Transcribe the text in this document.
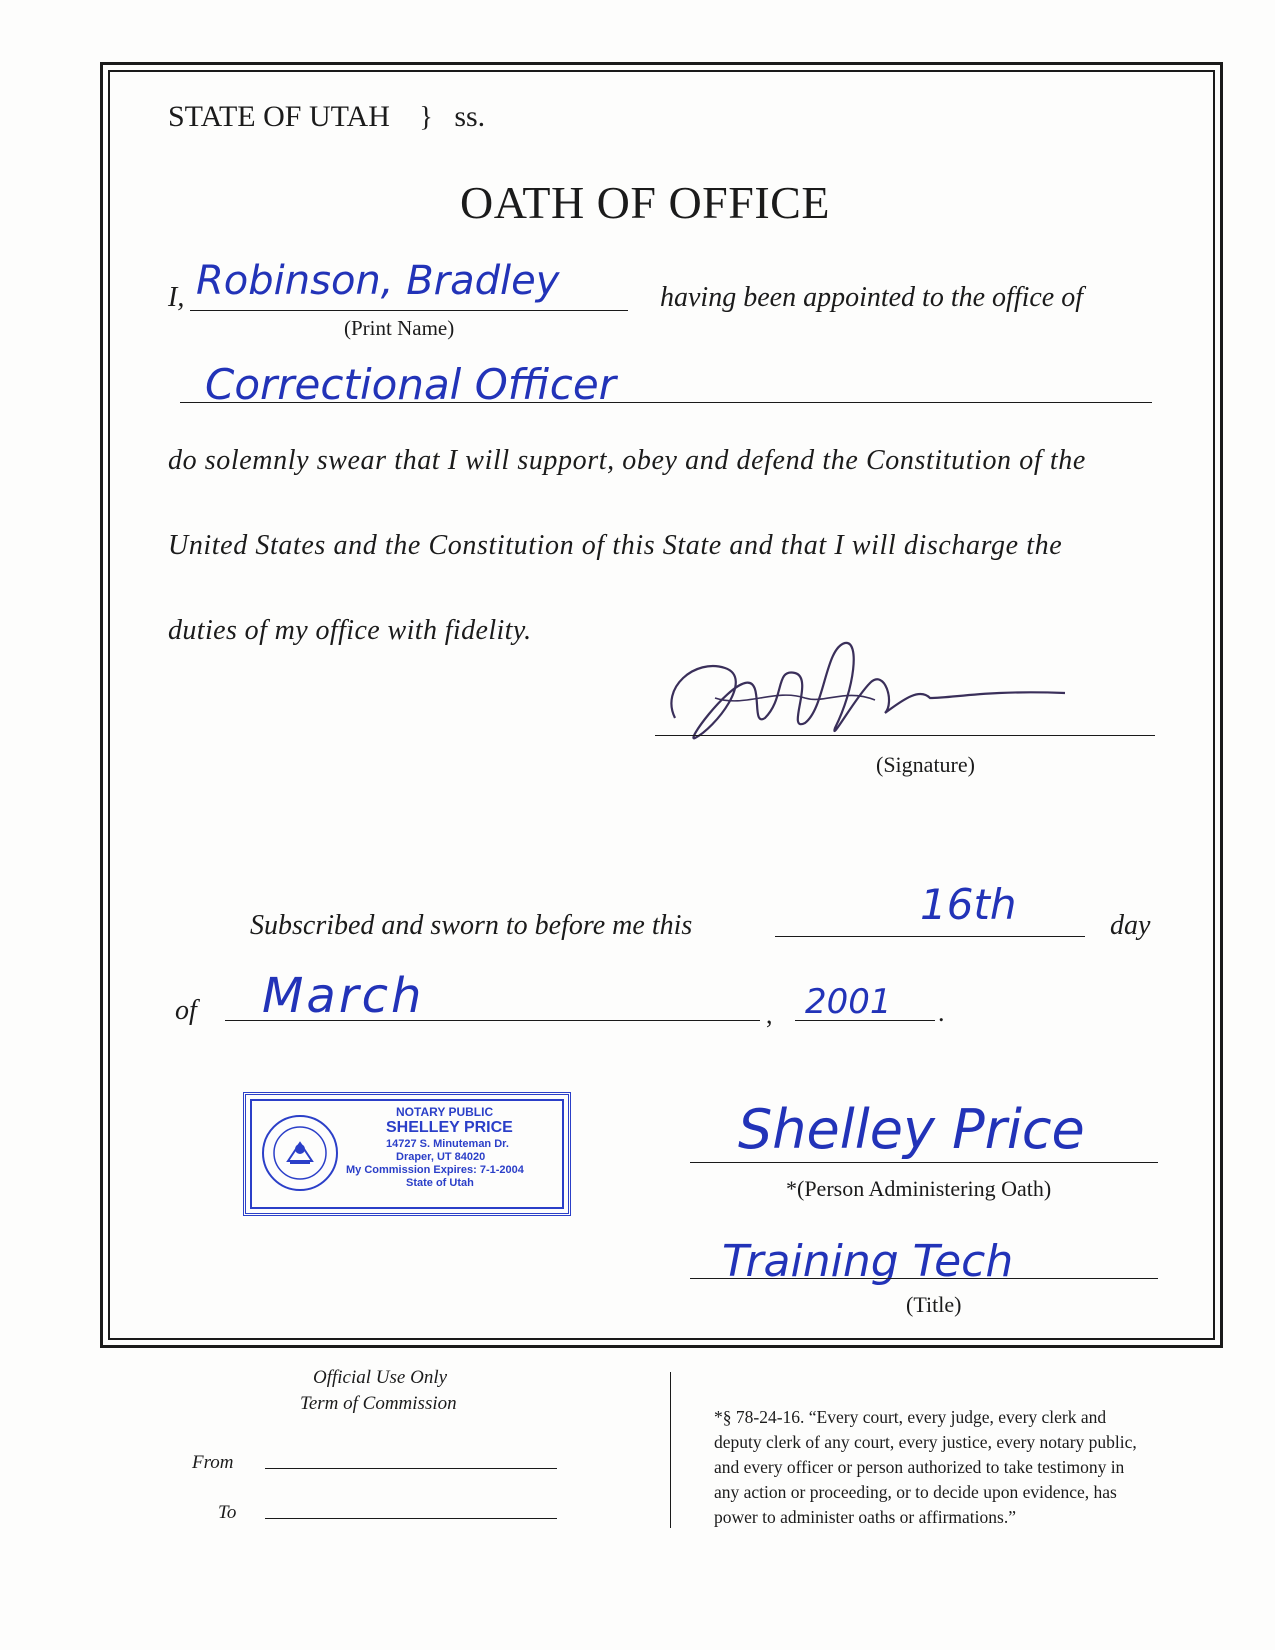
STATE OF UTAH } ss.
OATH OF OFFICE
I, Robinson, Bradley
(Print Name)
having been appointed to the office of
Correctional Officer
do solemnly swear that I will support, obey and defend the Constitution of the
United States and the Constitution of this State and that I will discharge the
duties of my office with fidelity.
(Signature)
Subscribed and sworn to before me this	16th	day
of March	, 2001 .
NOTARY PUBLIC
SHELLEY PRICE
14727 S. Minuteman Dr.
Draper, UT 84020
My Commission Expires: 7-1-2004
State of Utah
Shelley Price
*(Person Administering Oath)
Training Tech
(Title)
Official Use Only
Term of Commission
From
To
*§ 78-24-16. “Every court, every judge, every clerk and
deputy clerk of any court, every justice, every notary public,
and every officer or person authorized to take testimony in
any action or proceeding, or to decide upon evidence, has
power to administer oaths or affirmations.”
